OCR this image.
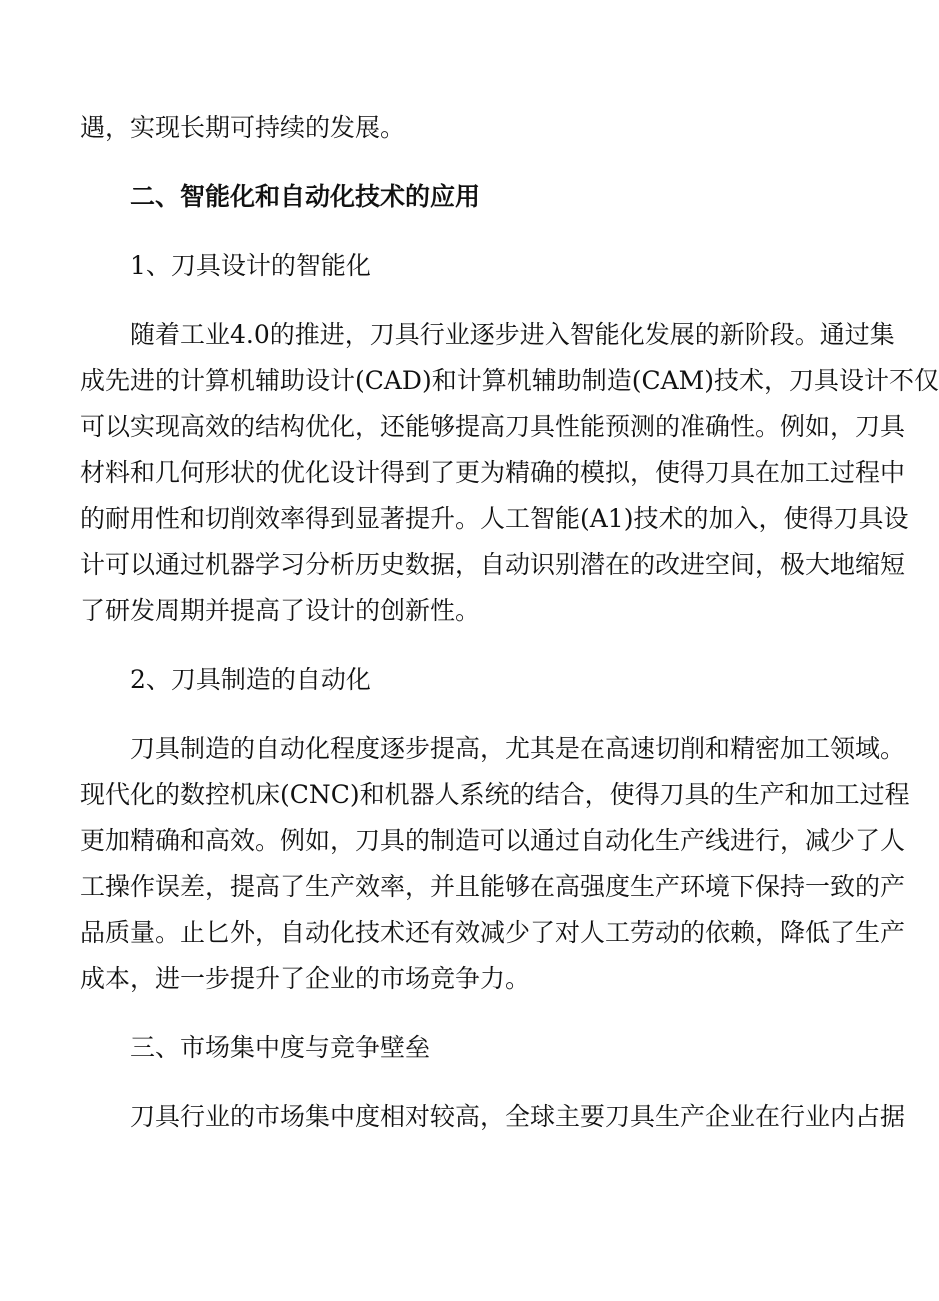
遇，实现长期可持续的发展。
二、智能化和自动化技术的应用
1、刀具设计的智能化
随着工业4.0的推进，刀具行业逐步进入智能化发展的新阶段。通过集
成先进的计算机辅助设计(CAD)和计算机辅助制造(CAM)技术，刀具设计不仅
可以实现高效的结构优化，还能够提高刀具性能预测的准确性。例如，刀具
材料和几何形状的优化设计得到了更为精确的模拟，使得刀具在加工过程中
的耐用性和切削效率得到显著提升。人工智能(A1)技术的加入，使得刀具设
计可以通过机器学习分析历史数据，自动识别潜在的改进空间，极大地缩短
了研发周期并提高了设计的创新性。
2、刀具制造的自动化
刀具制造的自动化程度逐步提高，尤其是在高速切削和精密加工领域。
现代化的数控机床(CNC)和机器人系统的结合，使得刀具的生产和加工过程
更加精确和高效。例如，刀具的制造可以通过自动化生产线进行，减少了人
工操作误差，提高了生产效率，并且能够在高强度生产环境下保持一致的产
品质量。止匕外，自动化技术还有效减少了对人工劳动的依赖，降低了生产
成本，进一步提升了企业的市场竞争力。
三、市场集中度与竞争壁垒
刀具行业的市场集中度相对较高，全球主要刀具生产企业在行业内占据
